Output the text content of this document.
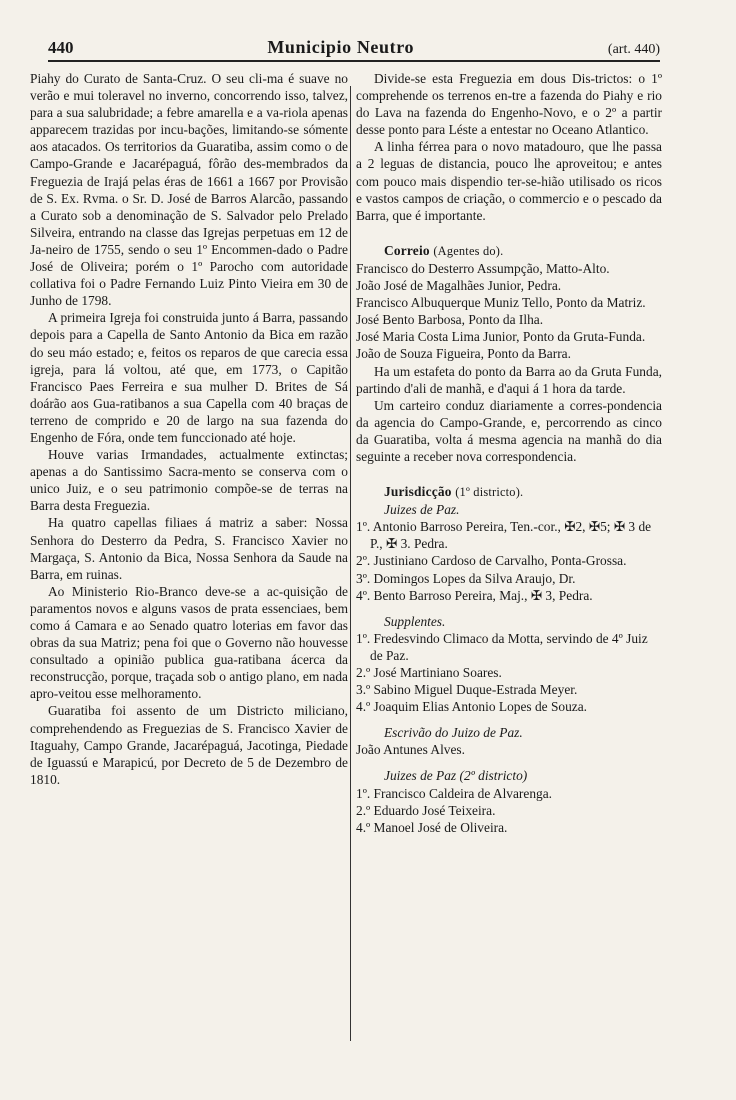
440	Municipio Neutro	(art. 440)

Piahy do Curato de Santa-Cruz. O seu cli-ma é suave no verão e mui toleravel no inverno, concorrendo isso, talvez, para a sua salubridade; a febre amarella e a va-riola apenas apparecem trazidas por incu-bações, limitando-se sómente aos atacados. Os territorios da Guaratiba, assim como o de Campo-Grande e Jacarépaguá, fôrão des-membrados da Freguezia de Irajá pelas éras de 1661 a 1667 por Provisão de S. Ex. Rvma. o Sr. D. José de Barros Alarcão, passando a Curato sob a denominação de S. Salvador pelo Prelado Silveira, entrando na classe das Igrejas perpetuas em 12 de Ja-neiro de 1755, sendo o seu 1º Encommen-dado o Padre José de Oliveira; porém o 1º Parocho com autoridade collativa foi o Padre Fernando Luiz Pinto Vieira em 30 de Junho de 1798.

A primeira Igreja foi construida junto á Barra, passando depois para a Capella de Santo Antonio da Bica em razão do seu máo estado; e, feitos os reparos de que carecia essa igreja, para lá voltou, até que, em 1773, o Capitão Francisco Paes Ferreira e sua mulher D. Brites de Sá doárão aos Gua-ratibanos a sua Capella com 40 braças de terreno de comprido e 20 de largo na sua fazenda do Engenho de Fóra, onde tem funccionado até hoje.

Houve varias Irmandades, actualmente extinctas; apenas a do Santissimo Sacra-mento se conserva com o unico Juiz, e o seu patrimonio compõe-se de terras na Barra desta Freguezia.

Ha quatro capellas filiaes á matriz a saber: Nossa Senhora do Desterro da Pedra, S. Francisco Xavier no Margaça, S. Antonio da Bica, Nossa Senhora da Saude na Barra, em ruinas.

Ao Ministerio Rio-Branco deve-se a ac-quisição de paramentos novos e alguns vasos de prata essenciaes, bem como á Camara e ao Senado quatro loterias em favor das obras da sua Matriz; pena foi que o Governo não houvesse consultado a opinião publica gua-ratibana ácerca da reconstrucção, porque, traçada sob o antigo plano, em nada apro-veitou esse melhoramento.

Guaratiba foi assento de um Districto miliciano, comprehendendo as Freguezias de S. Francisco Xavier de Itaguahy, Campo Grande, Jacarépaguá, Jacotinga, Piedade de Iguassú e Marapicú, por Decreto de 5 de Dezembro de 1810.

Divide-se esta Freguezia em dous Dis-trictos: o 1º comprehende os terrenos en-tre a fazenda do Piahy e rio do Lava na fazenda do Engenho-Novo, e o 2º a partir desse ponto para Léste a entestar no Oceano Atlantico.

A linha férrea para o novo matadouro, que lhe passa a 2 leguas de distancia, pouco lhe aproveitou; e antes com pouco mais dispendio ter-se-hião utilisado os ricos e vastos campos de criação, o commercio e o pescado da Barra, que é importante.

Correio (Agentes do).

Francisco do Desterro Assumpção, Matto-Alto.

João José de Magalhães Junior, Pedra.

Francisco Albuquerque Muniz Tello, Ponto da Matriz.

José Bento Barbosa, Ponto da Ilha.

José Maria Costa Lima Junior, Ponto da Gruta-Funda.

João de Souza Figueira, Ponto da Barra.

Ha um estafeta do ponto da Barra ao da Gruta Funda, partindo d'ali de manhã, e d'aqui á 1 hora da tarde.

Um carteiro conduz diariamente a corres-pondencia da agencia do Campo-Grande, e, percorrendo as cinco da Guaratiba, volta á mesma agencia na manhã do dia seguinte a receber nova correspondencia.

Jurisdicção (1º districto).

Juizes de Paz.

1º. Antonio Barroso Pereira, Ten.-cor., ✠2, ✠5; ✠ 3 de P., ✠ 3. Pedra.

2º. Justiniano Cardoso de Carvalho, Ponta-Grossa.

3º. Domingos Lopes da Silva Araujo, Dr.

4º. Bento Barroso Pereira, Maj., ✠ 3, Pedra.

Supplentes.

1º. Fredesvindo Climaco da Motta, servindo de 4º Juiz de Paz.

2.º José Martiniano Soares.

3.º Sabino Miguel Duque-Estrada Meyer.

4.º Joaquim Elias Antonio Lopes de Souza.

Escrivão do Juizo de Paz.

João Antunes Alves.

Juizes de Paz (2º districto)

1º. Francisco Caldeira de Alvarenga.

2.º Eduardo José Teixeira.

4.º Manoel José de Oliveira.
